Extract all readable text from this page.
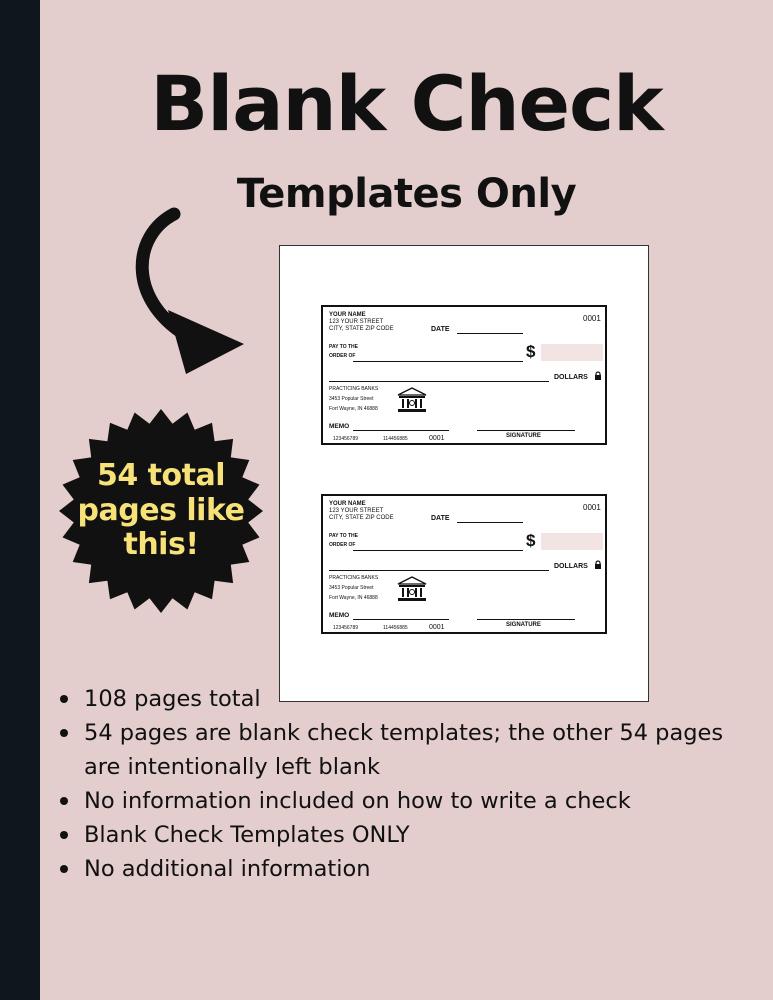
Blank Check
Templates Only
54 total
pages like
this!
YOUR NAME
123 YOUR STREET
CITY, STATE ZIP CODE
0001
DATE
PAY TO THE
ORDER OF	$
DOLLARS
PRACTICING BANKS
3453 Popular Street
Fort Wayne, IN 46888
MEMO
SIGNATURE
123456789	114456885	0001
YOUR NAME
123 YOUR STREET
CITY, STATE ZIP CODE
0001
DATE
PAY TO THE
ORDER OF	$
DOLLARS
PRACTICING BANKS
3453 Popular Street
Fort Wayne, IN 46888
MEMO
SIGNATURE
123456789	114456885	0001
108 pages total
54 pages are blank check templates; the other 54 pages are intentionally left blank
No information included on how to write a check
Blank Check Templates ONLY
No additional information
